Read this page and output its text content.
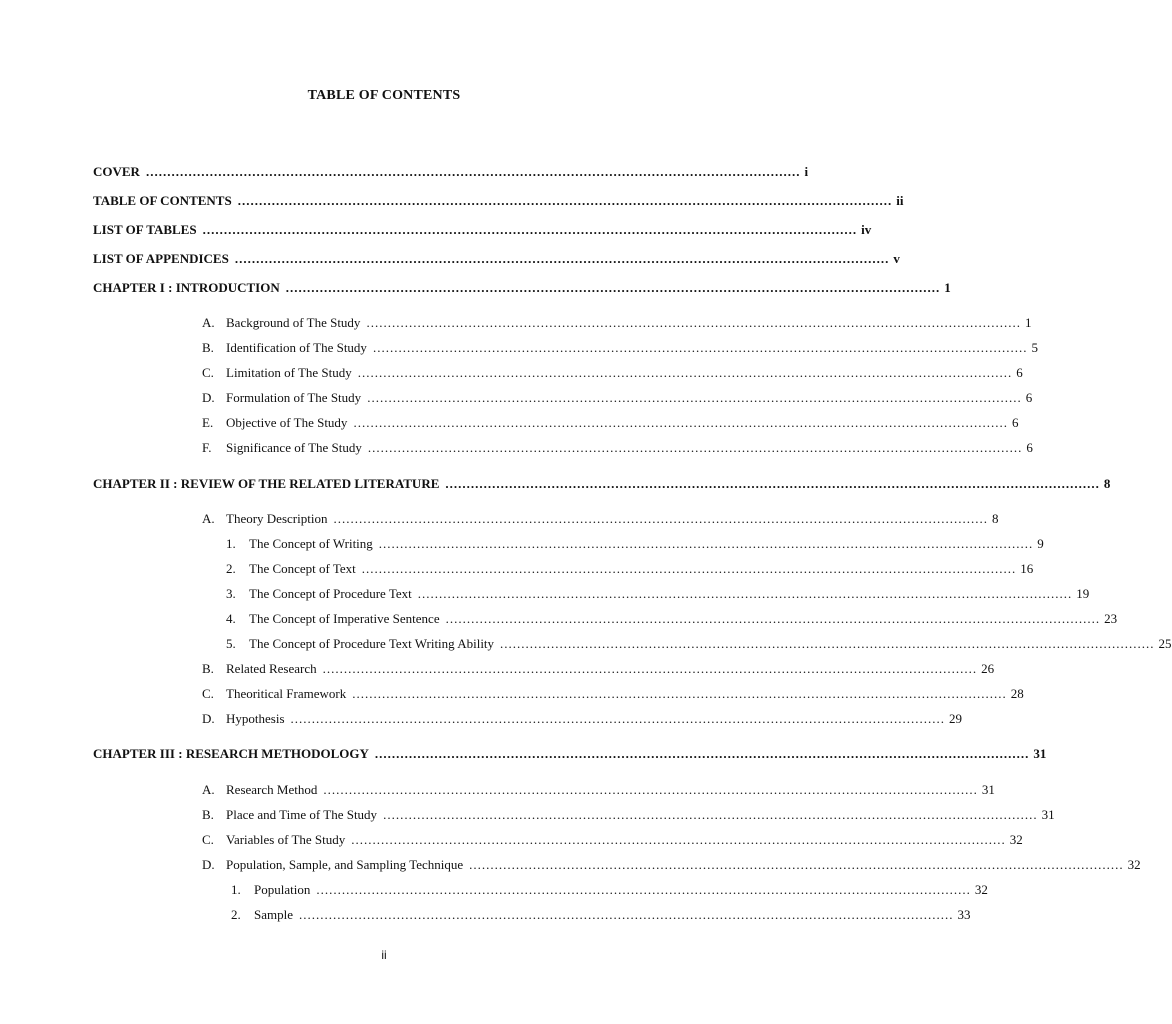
TABLE OF CONTENTS
COVER .......................................................................................................................................................... i
TABLE OF CONTENTS .......................................................................................................................................................... ii
LIST OF TABLES .......................................................................................................................................................... iv
LIST OF APPENDICES .......................................................................................................................................................... v
CHAPTER I : INTRODUCTION .......................................................................................................................................................... 1
A. Background of The Study .......................................................................................................................................................... 1
B. Identification of The Study .......................................................................................................................................................... 5
C. Limitation of The Study .......................................................................................................................................................... 6
D. Formulation of The Study .......................................................................................................................................................... 6
E. Objective of The Study .......................................................................................................................................................... 6
F. Significance of The Study .......................................................................................................................................................... 6
CHAPTER II : REVIEW OF THE RELATED LITERATURE .......................................................................................................................................................... 8
A. Theory Description .......................................................................................................................................................... 8
1. The Concept of Writing .......................................................................................................................................................... 9
2. The Concept of Text .......................................................................................................................................................... 16
3. The Concept of Procedure Text .......................................................................................................................................................... 19
4. The Concept of Imperative Sentence .......................................................................................................................................................... 23
5. The Concept of Procedure Text Writing Ability .......................................................................................................................................................... 25
B. Related Research .......................................................................................................................................................... 26
C. Theoritical Framework .......................................................................................................................................................... 28
D. Hypothesis .......................................................................................................................................................... 29
CHAPTER III : RESEARCH METHODOLOGY .......................................................................................................................................................... 31
A. Research Method .......................................................................................................................................................... 31
B. Place and Time of The Study .......................................................................................................................................................... 31
C. Variables of The Study .......................................................................................................................................................... 32
D. Population, Sample, and Sampling Technique .......................................................................................................................................................... 32
1. Population .......................................................................................................................................................... 32
2. Sample .......................................................................................................................................................... 33
ii
